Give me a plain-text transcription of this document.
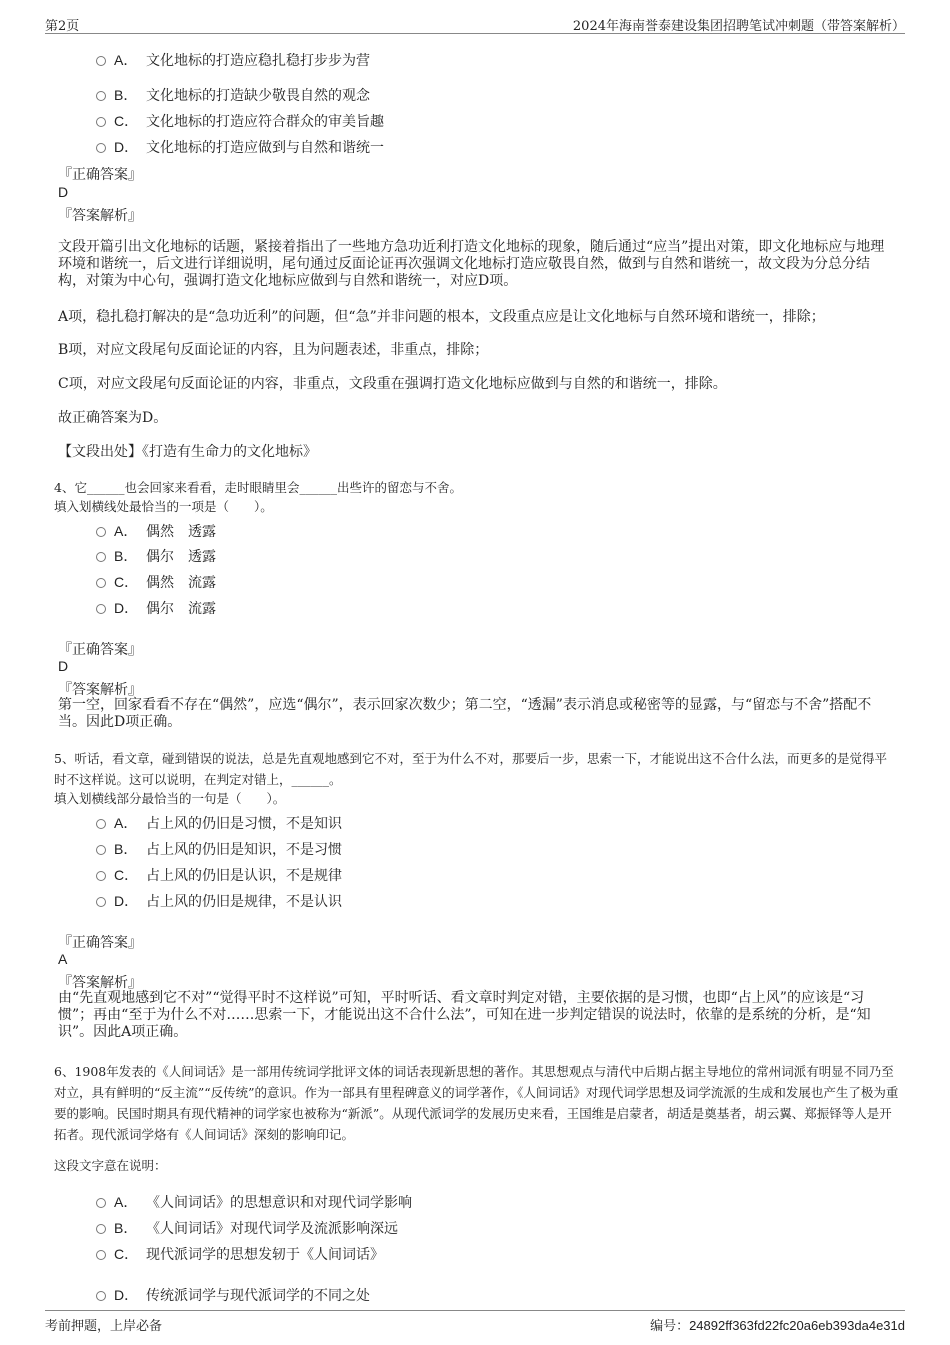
第2页	2024年海南誉泰建设集团招聘笔试冲刺题（带答案解析）
A． 文化地标的打造应稳扎稳打步步为营
B． 文化地标的打造缺少敬畏自然的观念
C． 文化地标的打造应符合群众的审美旨趣
D． 文化地标的打造应做到与自然和谐统一
『正确答案』
D
『答案解析』
文段开篇引出文化地标的话题，紧接着指出了一些地方急功近利打造文化地标的现象，随后通过“应当”提出对策，即文化地标应与地理环境和谐统一，后文进行详细说明，尾句通过反面论证再次强调文化地标打造应敬畏自然，做到与自然和谐统一，故文段为分总分结构，对策为中心句，强调打造文化地标应做到与自然和谐统一，对应D项。
A项，稳扎稳打解决的是“急功近利”的问题，但“急”并非问题的根本，文段重点应是让文化地标与自然环境和谐统一，排除；
B项，对应文段尾句反面论证的内容，且为问题表述，非重点，排除；
C项，对应文段尾句反面论证的内容，非重点，文段重在强调打造文化地标应做到与自然的和谐统一，排除。
故正确答案为D。
【文段出处】《打造有生命力的文化地标》
4、它______也会回家来看看，走时眼睛里会______出些许的留恋与不舍。
填入划横线处最恰当的一项是（　　）。
A． 偶然　透露
B． 偶尔　透露
C． 偶然　流露
D． 偶尔　流露
『正确答案』
D
『答案解析』
第一空，回家看看不存在“偶然”，应选“偶尔”，表示回家次数少；第二空，“透漏”表示消息或秘密等的显露，与“留恋与不舍”搭配不当。因此D项正确。
5、听话，看文章，碰到错误的说法，总是先直观地感到它不对，至于为什么不对，那要后一步，思索一下，才能说出这不合什么法，而更多的是觉得平时不这样说。这可以说明，在判定对错上，______。
填入划横线部分最恰当的一句是（　　）。
A． 占上风的仍旧是习惯，不是知识
B． 占上风的仍旧是知识，不是习惯
C． 占上风的仍旧是认识，不是规律
D． 占上风的仍旧是规律，不是认识
『正确答案』
A
『答案解析』
由“先直观地感到它不对”“觉得平时不这样说”可知，平时听话、看文章时判定对错，主要依据的是习惯，也即“占上风”的应该是“习惯”；再由“至于为什么不对……思索一下，才能说出这不合什么法”，可知在进一步判定错误的说法时，依靠的是系统的分析，是“知识”。因此A项正确。
6、1908年发表的《人间词话》是一部用传统词学批评文体的词话表现新思想的著作。其思想观点与清代中后期占据主导地位的常州词派有明显不同乃至对立，具有鲜明的“反主流”“反传统”的意识。作为一部具有里程碑意义的词学著作，《人间词话》对现代词学思想及词学流派的生成和发展也产生了极为重要的影响。民国时期具有现代精神的词学家也被称为“新派”。从现代派词学的发展历史来看，王国维是启蒙者，胡适是奠基者，胡云翼、郑振铎等人是开拓者。现代派词学烙有《人间词话》深刻的影响印记。
这段文字意在说明：
A． 《人间词话》的思想意识和对现代词学影响
B． 《人间词话》对现代词学及流派影响深远
C． 现代派词学的思想发轫于《人间词话》
D． 传统派词学与现代派词学的不同之处
考前押题，上岸必备	编号：24892ff363fd22fc20a6eb393da4e31d
